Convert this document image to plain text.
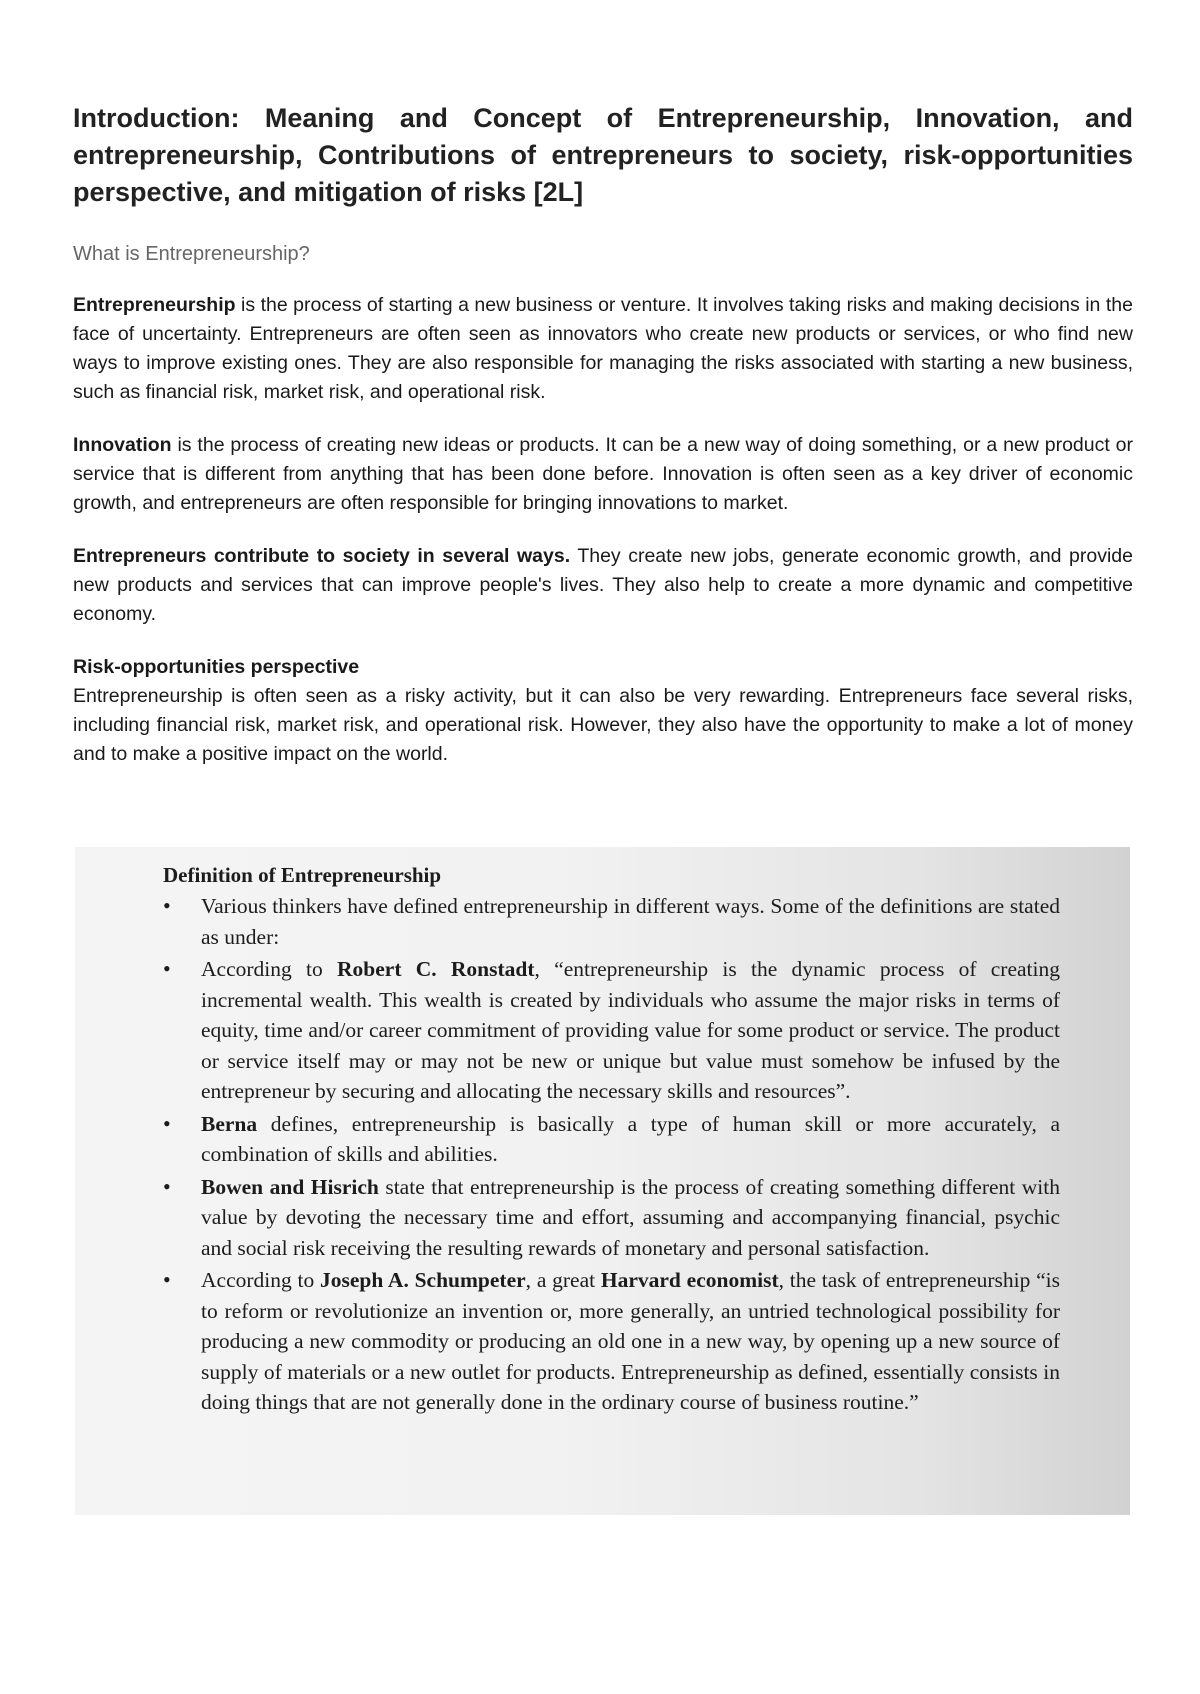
Introduction: Meaning and Concept of Entrepreneurship, Innovation, and entrepreneurship, Contributions of entrepreneurs to society, risk-opportunities perspective, and mitigation of risks [2L]

What is Entrepreneurship?

Entrepreneurship is the process of starting a new business or venture. It involves taking risks and making decisions in the face of uncertainty. Entrepreneurs are often seen as innovators who create new products or services, or who find new ways to improve existing ones. They are also responsible for managing the risks associated with starting a new business, such as financial risk, market risk, and operational risk.

Innovation is the process of creating new ideas or products. It can be a new way of doing something, or a new product or service that is different from anything that has been done before. Innovation is often seen as a key driver of economic growth, and entrepreneurs are often responsible for bringing innovations to market.

Entrepreneurs contribute to society in several ways. They create new jobs, generate economic growth, and provide new products and services that can improve people's lives. They also help to create a more dynamic and competitive economy.

Risk-opportunities perspective

Entrepreneurship is often seen as a risky activity, but it can also be very rewarding. Entrepreneurs face several risks, including financial risk, market risk, and operational risk. However, they also have the opportunity to make a lot of money and to make a positive impact on the world.

Definition of Entrepreneurship

• Various thinkers have defined entrepreneurship in different ways. Some of the definitions are stated as under:
• According to Robert C. Ronstadt, “entrepreneurship is the dynamic process of creating incremental wealth. This wealth is created by individuals who assume the major risks in terms of equity, time and/or career commitment of providing value for some product or service. The product or service itself may or may not be new or unique but value must somehow be infused by the entrepreneur by securing and allocating the necessary skills and resources”.
• Berna defines, entrepreneurship is basically a type of human skill or more accurately, a combination of skills and abilities.
• Bowen and Hisrich state that entrepreneurship is the process of creating something different with value by devoting the necessary time and effort, assuming and accompanying financial, psychic and social risk receiving the resulting rewards of monetary and personal satisfaction.
• According to Joseph A. Schumpeter, a great Harvard economist, the task of entrepreneurship “is to reform or revolutionize an invention or, more generally, an untried technological possibility for producing a new commodity or producing an old one in a new way, by opening up a new source of supply of materials or a new outlet for products. Entrepreneurship as defined, essentially consists in doing things that are not generally done in the ordinary course of business routine.”
